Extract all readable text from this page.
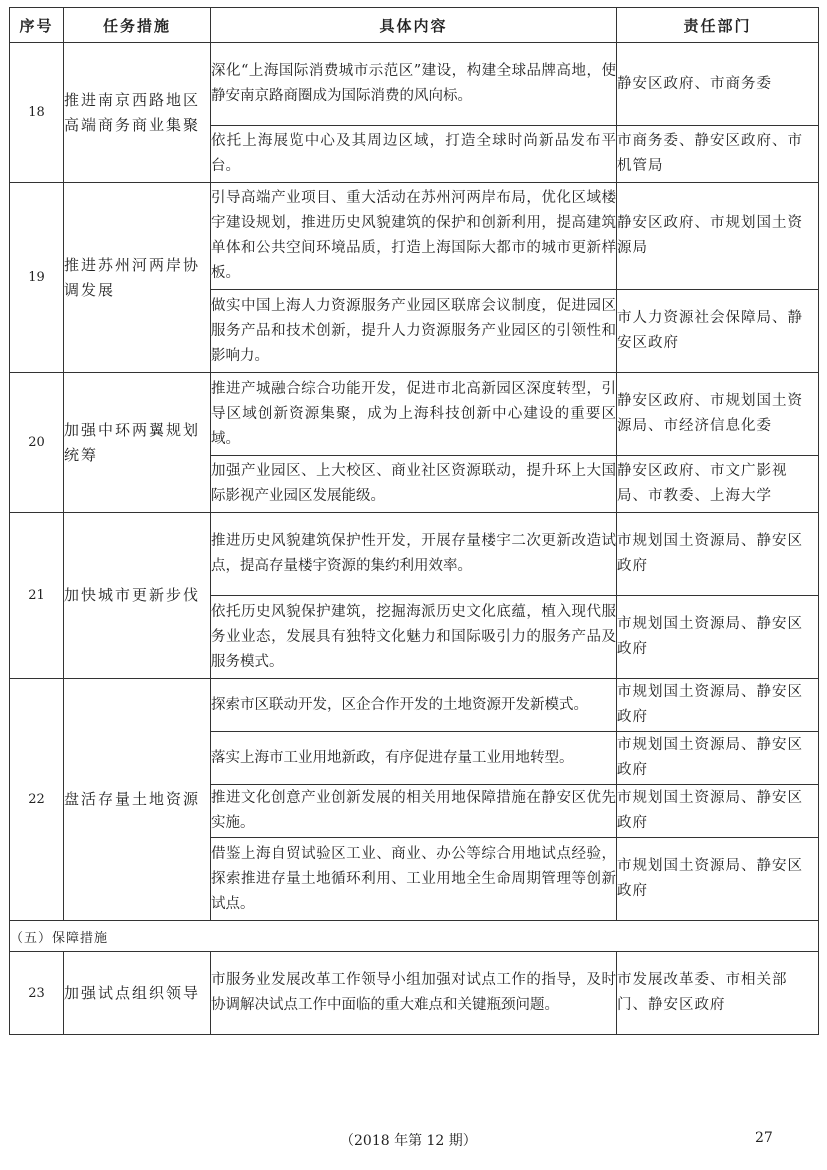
序号	任务措施	具体内容	责任部门
18	推进南京西路地区高端商务商业集聚	深化“上海国际消费城市示范区”建设，构建全球品牌高地，使静安南京路商圈成为国际消费的风向标。	静安区政府、市商务委
		依托上海展览中心及其周边区域，打造全球时尚新品发布平台。	市商务委、静安区政府、市机管局
19	推进苏州河两岸协调发展	引导高端产业项目、重大活动在苏州河两岸布局，优化区域楼宇建设规划，推进历史风貌建筑的保护和创新利用，提高建筑单体和公共空间环境品质，打造上海国际大都市的城市更新样板。	静安区政府、市规划国土资源局
		做实中国上海人力资源服务产业园区联席会议制度，促进园区服务产品和技术创新，提升人力资源服务产业园区的引领性和影响力。	市人力资源社会保障局、静安区政府
20	加强中环两翼规划统筹	推进产城融合综合功能开发，促进市北高新园区深度转型，引导区域创新资源集聚，成为上海科技创新中心建设的重要区域。	静安区政府、市规划国土资源局、市经济信息化委
		加强产业园区、上大校区、商业社区资源联动，提升环上大国际影视产业园区发展能级。	静安区政府、市文广影视局、市教委、上海大学
21	加快城市更新步伐	推进历史风貌建筑保护性开发，开展存量楼宇二次更新改造试点，提高存量楼宇资源的集约利用效率。	市规划国土资源局、静安区政府
		依托历史风貌保护建筑，挖掘海派历史文化底蕴，植入现代服务业业态，发展具有独特文化魅力和国际吸引力的服务产品及服务模式。	市规划国土资源局、静安区政府
22	盘活存量土地资源	探索市区联动开发，区企合作开发的土地资源开发新模式。	市规划国土资源局、静安区政府
		落实上海市工业用地新政，有序促进存量工业用地转型。	市规划国土资源局、静安区政府
		推进文化创意产业创新发展的相关用地保障措施在静安区优先实施。	市规划国土资源局、静安区政府
		借鉴上海自贸试验区工业、商业、办公等综合用地试点经验，探索推进存量土地循环利用、工业用地全生命周期管理等创新试点。	市规划国土资源局、静安区政府
（五）保障措施			
23	加强试点组织领导	市服务业发展改革工作领导小组加强对试点工作的指导，及时协调解决试点工作中面临的重大难点和关键瓶颈问题。	市发展改革委、市相关部门、静安区政府
（2018 年第 12 期）	27
